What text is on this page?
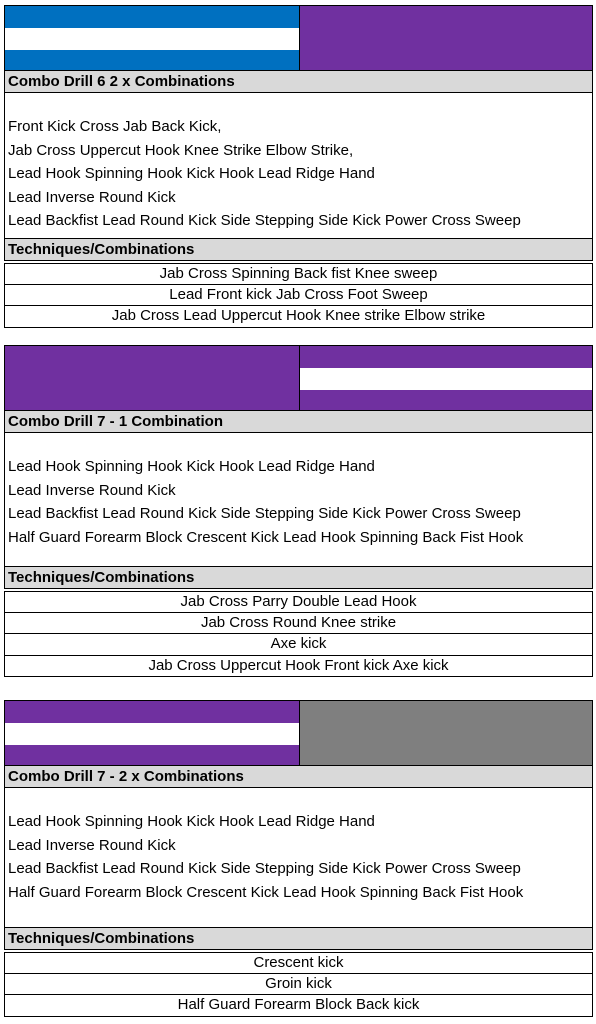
Combo Drill 6 2 x Combinations
Front Kick Cross Jab Back Kick,
Jab Cross Uppercut Hook Knee Strike Elbow Strike,
Lead Hook Spinning Hook Kick Hook Lead Ridge Hand
Lead Inverse Round Kick
Lead Backfist Lead Round Kick Side Stepping Side Kick Power Cross Sweep
Techniques/Combinations
Jab Cross Spinning Back fist Knee sweep
Lead Front kick Jab Cross Foot Sweep
Jab Cross Lead Uppercut Hook Knee strike Elbow strike
Combo Drill 7 - 1 Combination
Lead Hook Spinning Hook Kick Hook Lead Ridge Hand
Lead Inverse Round Kick
Lead Backfist Lead Round Kick Side Stepping Side Kick Power Cross Sweep
Half Guard Forearm Block Crescent Kick Lead Hook Spinning Back Fist Hook
Techniques/Combinations
Jab Cross Parry Double Lead Hook
Jab Cross Round Knee strike
Axe kick
Jab Cross Uppercut Hook Front kick Axe kick
Combo Drill 7 - 2 x Combinations
Lead Hook Spinning Hook Kick Hook Lead Ridge Hand
Lead Inverse Round Kick
Lead Backfist Lead Round Kick Side Stepping Side Kick Power Cross Sweep
Half Guard Forearm Block Crescent Kick Lead Hook Spinning Back Fist Hook
Techniques/Combinations
Crescent kick
Groin kick
Half Guard Forearm Block Back kick
